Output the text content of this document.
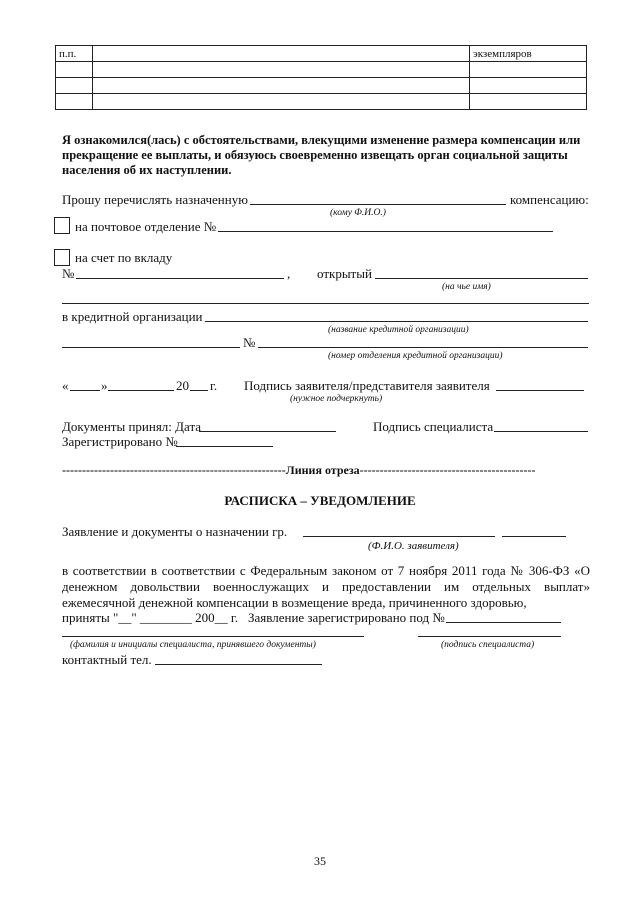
п.п.		экземпляров

Я ознакомился(лась) с обстоятельствами, влекущими изменение размера компенсации или прекращение ее выплаты, и обязуюсь своевременно извещать орган социальной защиты населения об их наступлении.
Прошу перечислять назначенную	компенсацию:
(кому Ф.И.О.)
на почтовое отделение №
на счет по вкладу
№	, открытый
(на чье имя)
в кредитной организации
(название кредитной организации)
№
(номер отделения кредитной организации)
«	»	20 г. Подпись заявителя/представителя заявителя
(нужное подчеркнуть)
Документы принял: Дата	Подпись специалиста
Зарегистрировано №
--------------------------------------------------------Линия отреза--------------------------------------------
РАСПИСКА – УВЕДОМЛЕНИЕ
Заявление и документы о назначении гр.
(Ф.И.О. заявителя)
в соответствии в соответствии с Федеральным законом от 7 ноября 2011 года № 306-ФЗ «О денежном довольствии военнослужащих и предоставлении им отдельных выплат» ежемесячной денежной компенсации в возмещение вреда, причиненного здоровью,
приняты "__" ________ 200__ г. Заявление зарегистрировано под №
(фамилия и инициалы специалиста, принявшего документы)	(подпись специалиста)
контактный тел.
35
